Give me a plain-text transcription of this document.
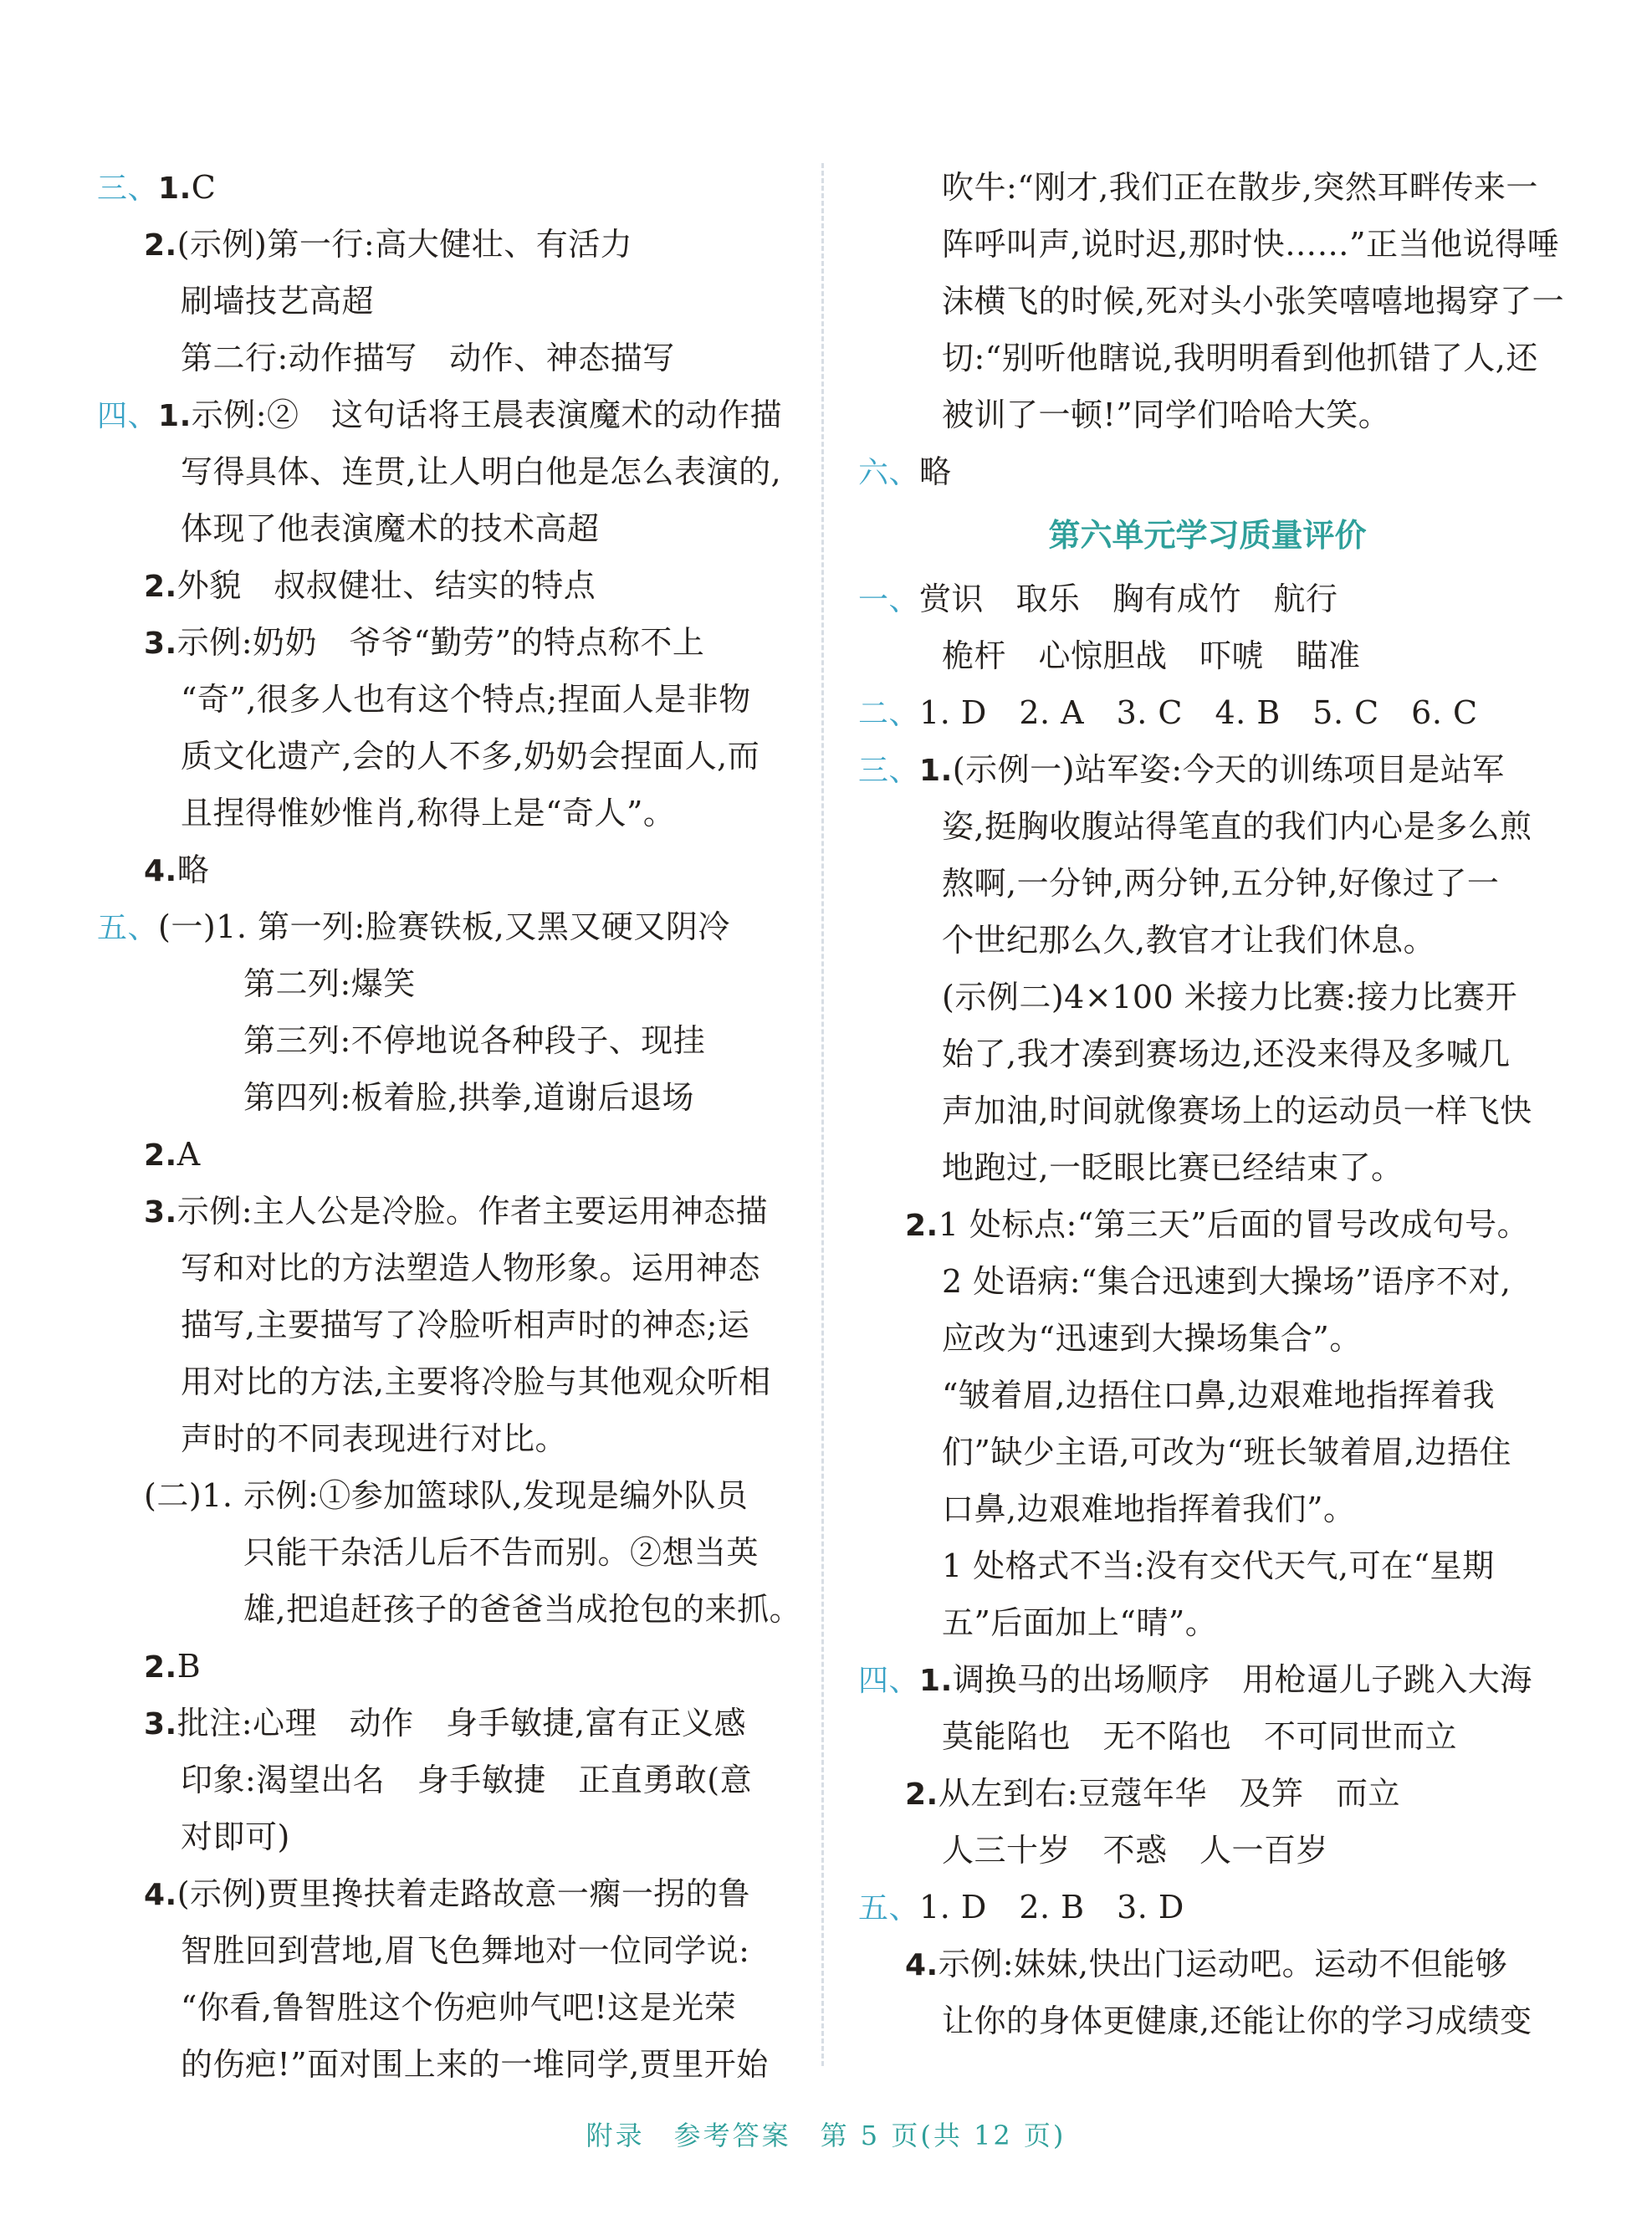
三、1.C
2.(示例)第一行:高大健壮、有活力
刷墙技艺高超
第二行:动作描写　动作、神态描写
四、1.示例:②　这句话将王晨表演魔术的动作描
写得具体、连贯,让人明白他是怎么表演的,
体现了他表演魔术的技术高超
2.外貌　叔叔健壮、结实的特点
3.示例:奶奶　爷爷“勤劳”的特点称不上
“奇”,很多人也有这个特点;捏面人是非物
质文化遗产,会的人不多,奶奶会捏面人,而
且捏得惟妙惟肖,称得上是“奇人”。
4.略
五、(一)1. 第一列:脸赛铁板,又黑又硬又阴冷
第二列:爆笑
第三列:不停地说各种段子、现挂
第四列:板着脸,拱拳,道谢后退场
2.A
3.示例:主人公是冷脸。作者主要运用神态描
写和对比的方法塑造人物形象。运用神态
描写,主要描写了冷脸听相声时的神态;运
用对比的方法,主要将冷脸与其他观众听相
声时的不同表现进行对比。
(二)1. 示例:①参加篮球队,发现是编外队员
只能干杂活儿后不告而别。②想当英
雄,把追赶孩子的爸爸当成抢包的来抓。
2.B
3.批注:心理　动作　身手敏捷,富有正义感
印象:渴望出名　身手敏捷　正直勇敢(意
对即可)
4.(示例)贾里搀扶着走路故意一瘸一拐的鲁
智胜回到营地,眉飞色舞地对一位同学说:
“你看,鲁智胜这个伤疤帅气吧!这是光荣
的伤疤!”面对围上来的一堆同学,贾里开始
吹牛:“刚才,我们正在散步,突然耳畔传来一
阵呼叫声,说时迟,那时快……”正当他说得唾
沫横飞的时候,死对头小张笑嘻嘻地揭穿了一
切:“别听他瞎说,我明明看到他抓错了人,还
被训了一顿!”同学们哈哈大笑。
六、略
第六单元学习质量评价
一、赏识　取乐　胸有成竹　航行
桅杆　心惊胆战　吓唬　瞄准
二、1. D　2. A　3. C　4. B　5. C　6. C
三、1.(示例一)站军姿:今天的训练项目是站军
姿,挺胸收腹站得笔直的我们内心是多么煎
熬啊,一分钟,两分钟,五分钟,好像过了一
个世纪那么久,教官才让我们休息。
(示例二)4×100 米接力比赛:接力比赛开
始了,我才凑到赛场边,还没来得及多喊几
声加油,时间就像赛场上的运动员一样飞快
地跑过,一眨眼比赛已经结束了。
2.1 处标点:“第三天”后面的冒号改成句号。
2 处语病:“集合迅速到大操场”语序不对,
应改为“迅速到大操场集合”。
“皱着眉,边捂住口鼻,边艰难地指挥着我
们”缺少主语,可改为“班长皱着眉,边捂住
口鼻,边艰难地指挥着我们”。
1 处格式不当:没有交代天气,可在“星期
五”后面加上“晴”。
四、1.调换马的出场顺序　用枪逼儿子跳入大海
莫能陷也　无不陷也　不可同世而立
2.从左到右:豆蔻年华　及笄　而立
人三十岁　不惑　人一百岁
五、1. D　2. B　3. D
4.示例:妹妹,快出门运动吧。运动不但能够
让你的身体更健康,还能让你的学习成绩变
附录　参考答案　第 5 页(共 12 页)
